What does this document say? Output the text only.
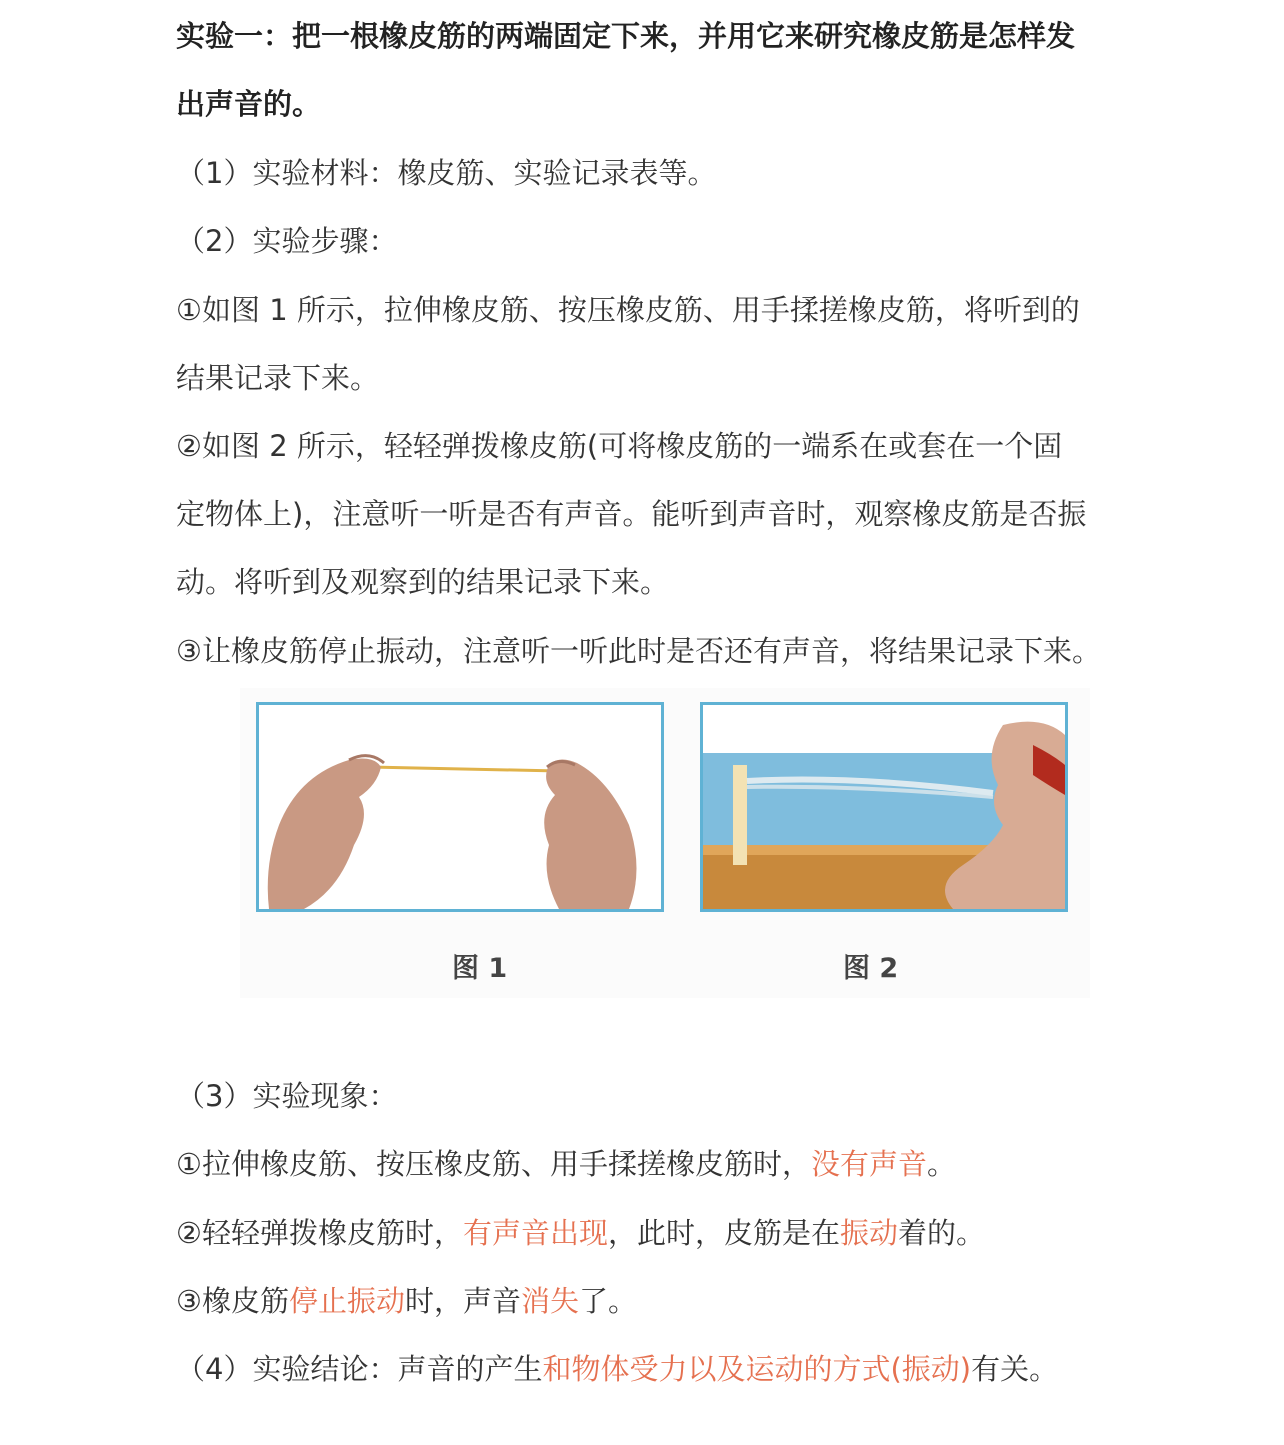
实验一：把一根橡皮筋的两端固定下来，并用它来研究橡皮筋是怎样发
出声音的。
（1）实验材料：橡皮筋、实验记录表等。
（2）实验步骤：
①如图 1 所示，拉伸橡皮筋、按压橡皮筋、用手揉搓橡皮筋，将听到的
结果记录下来。
②如图 2 所示，轻轻弹拨橡皮筋(可将橡皮筋的一端系在或套在一个固
定物体上)，注意听一听是否有声音。能听到声音时，观察橡皮筋是否振
动。将听到及观察到的结果记录下来。
③让橡皮筋停止振动，注意听一听此时是否还有声音，将结果记录下来。
图 1	图 2
（3）实验现象：
①拉伸橡皮筋、按压橡皮筋、用手揉搓橡皮筋时，没有声音。
②轻轻弹拨橡皮筋时，有声音出现，此时，皮筋是在振动着的。
③橡皮筋停止振动时，声音消失了。
（4）实验结论：声音的产生和物体受力以及运动的方式(振动)有关。
